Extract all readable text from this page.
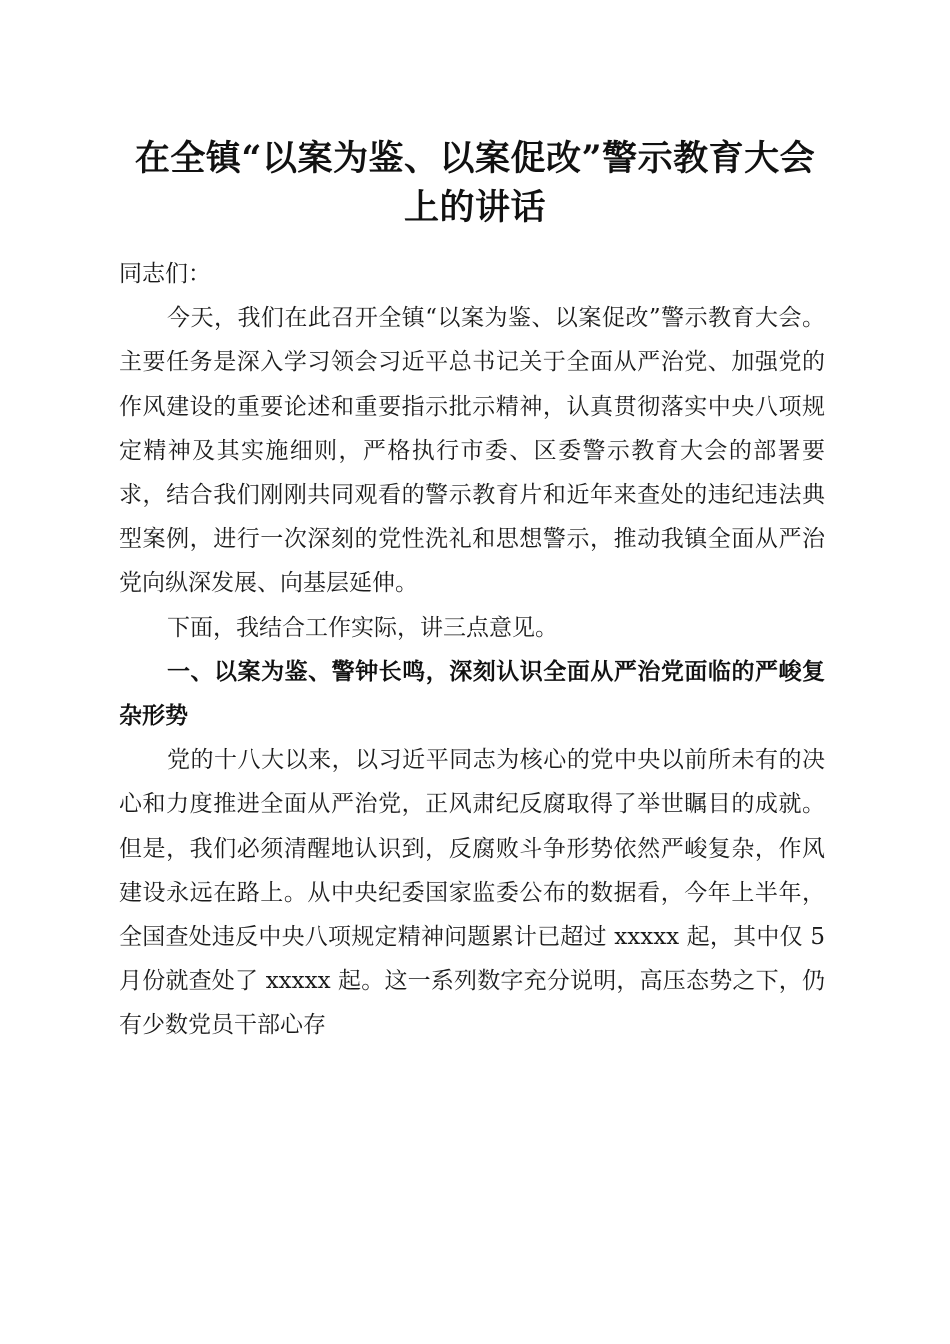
在全镇“以案为鉴、以案促改”警示教育大会
上的讲话

同志们：

今天，我们在此召开全镇“以案为鉴、以案促改”警示教育大会。主要任务是深入学习领会习近平总书记关于全面从严治党、加强党的作风建设的重要论述和重要指示批示精神，认真贯彻落实中央八项规定精神及其实施细则，严格执行市委、区委警示教育大会的部署要求，结合我们刚刚共同观看的警示教育片和近年来查处的违纪违法典型案例，进行一次深刻的党性洗礼和思想警示，推动我镇全面从严治党向纵深发展、向基层延伸。

下面，我结合工作实际，讲三点意见。

一、以案为鉴、警钟长鸣，深刻认识全面从严治党面临的严峻复杂形势

党的十八大以来，以习近平同志为核心的党中央以前所未有的决心和力度推进全面从严治党，正风肃纪反腐取得了举世瞩目的成就。但是，我们必须清醒地认识到，反腐败斗争形势依然严峻复杂，作风建设永远在路上。从中央纪委国家监委公布的数据看，今年上半年，全国查处违反中央八项规定精神问题累计已超过 xxxxx 起，其中仅 5 月份就查处了 xxxxx 起。这一系列数字充分说明，高压态势之下，仍有少数党员干部心存
